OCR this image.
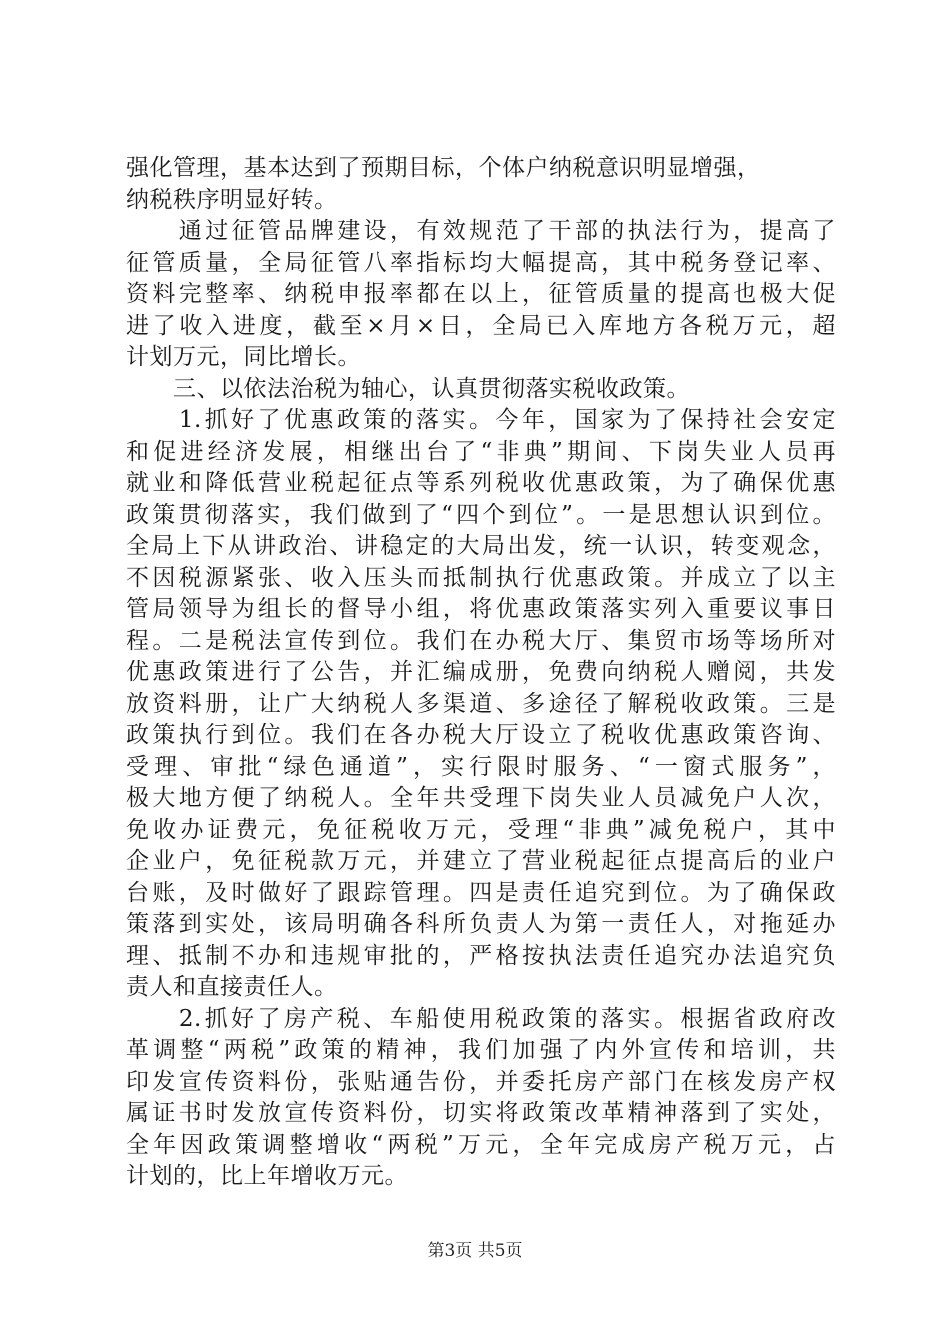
强化管理，基本达到了预期目标，个体户纳税意识明显增强，
纳税秩序明显好转。
　　通过征管品牌建设，有效规范了干部的执法行为，提高了
征管质量，全局征管八率指标均大幅提高，其中税务登记率、
资料完整率、纳税申报率都在以上，征管质量的提高也极大促
进了收入进度，截至×月×日，全局已入库地方各税万元，超
计划万元，同比增长。
　　三、以依法治税为轴心，认真贯彻落实税收政策。
　　1.抓好了优惠政策的落实。今年，国家为了保持社会安定
和促进经济发展，相继出台了“非典”期间、下岗失业人员再
就业和降低营业税起征点等系列税收优惠政策，为了确保优惠
政策贯彻落实，我们做到了“四个到位”。一是思想认识到位。
全局上下从讲政治、讲稳定的大局出发，统一认识，转变观念，
不因税源紧张、收入压头而抵制执行优惠政策。并成立了以主
管局领导为组长的督导小组，将优惠政策落实列入重要议事日
程。二是税法宣传到位。我们在办税大厅、集贸市场等场所对
优惠政策进行了公告，并汇编成册，免费向纳税人赠阅，共发
放资料册，让广大纳税人多渠道、多途径了解税收政策。三是
政策执行到位。我们在各办税大厅设立了税收优惠政策咨询、
受理、审批“绿色通道”，实行限时服务、“一窗式服务”，
极大地方便了纳税人。全年共受理下岗失业人员减免户人次，
免收办证费元，免征税收万元，受理“非典”减免税户，其中
企业户，免征税款万元，并建立了营业税起征点提高后的业户
台账，及时做好了跟踪管理。四是责任追究到位。为了确保政
策落到实处，该局明确各科所负责人为第一责任人，对拖延办
理、抵制不办和违规审批的，严格按执法责任追究办法追究负
责人和直接责任人。
　　2.抓好了房产税、车船使用税政策的落实。根据省政府改
革调整“两税”政策的精神，我们加强了内外宣传和培训，共
印发宣传资料份，张贴通告份，并委托房产部门在核发房产权
属证书时发放宣传资料份，切实将政策改革精神落到了实处，
全年因政策调整增收“两税”万元，全年完成房产税万元，占
计划的，比上年增收万元。
第3页 共5页
